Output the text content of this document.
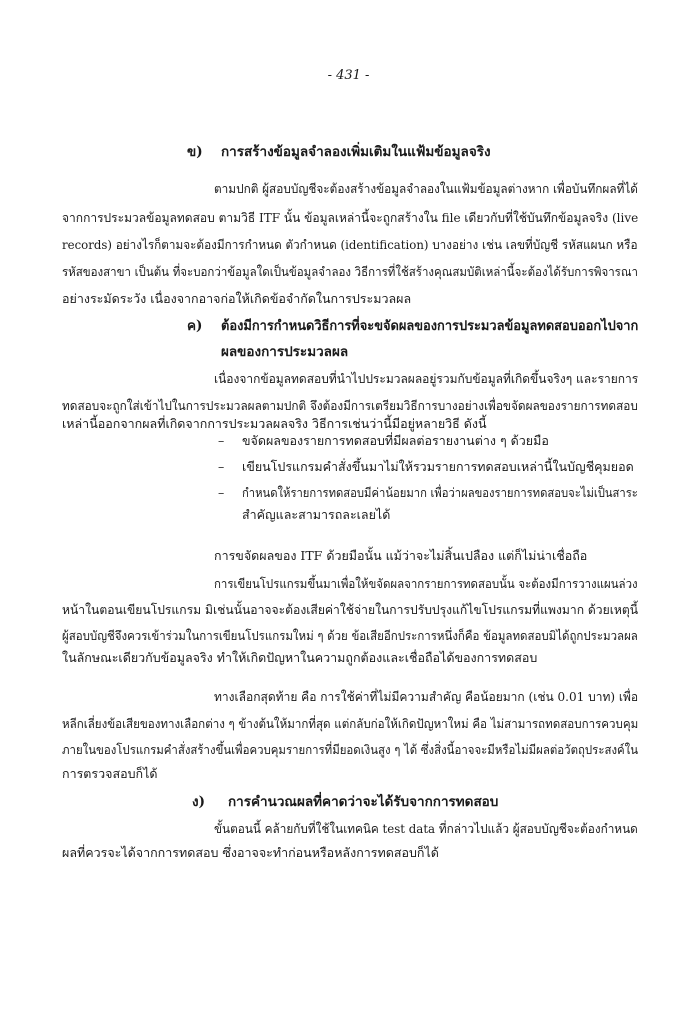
- 431 -
ข) การสร้างข้อมูลจำลองเพิ่มเติมในแฟ้มข้อมูลจริง
ตามปกติ ผู้สอบบัญชีจะต้องสร้างข้อมูลจำลองในแฟ้มข้อมูลต่างหาก เพื่อบันทึกผลที่ได้
จากการประมวลข้อมูลทดสอบ ตามวิธี ITF นั้น ข้อมูลเหล่านี้จะถูกสร้างใน file เดียวกับที่ใช้บันทึกข้อมูลจริง (live
records) อย่างไรก็ตามจะต้องมีการกำหนด ตัวกำหนด (identification) บางอย่าง เช่น เลขที่บัญชี รหัสแผนก หรือ
รหัสของสาขา เป็นต้น ที่จะบอกว่าข้อมูลใดเป็นข้อมูลจำลอง วิธีการที่ใช้สร้างคุณสมบัติเหล่านี้จะต้องได้รับการพิจารณา
อย่างระมัดระวัง เนื่องจากอาจก่อให้เกิดข้อจำกัดในการประมวลผล
ค) ต้องมีการกำหนดวิธีการที่จะขจัดผลของการประมวลข้อมูลทดสอบออกไปจาก
ผลของการประมวลผล
เนื่องจากข้อมูลทดสอบที่นำไปประมวลผลอยู่รวมกับข้อมูลที่เกิดขึ้นจริงๆ และรายการ
ทดสอบจะถูกใส่เข้าไปในการประมวลผลตามปกติ จึงต้องมีการเตรียมวิธีการบางอย่างเพื่อขจัดผลของรายการทดสอบ
เหล่านี้ออกจากผลที่เกิดจากการประมวลผลจริง วิธีการเช่นว่านี้มีอยู่หลายวิธี ดังนี้
– ขจัดผลของรายการทดสอบที่มีผลต่อรายงานต่าง ๆ ด้วยมือ
– เขียนโปรแกรมคำสั่งขึ้นมาไม่ให้รวมรายการทดสอบเหล่านี้ในบัญชีคุมยอด
– กำหนดให้รายการทดสอบมีค่าน้อยมาก เพื่อว่าผลของรายการทดสอบจะไม่เป็นสาระ
สำคัญและสามารถละเลยได้
การขจัดผลของ ITF ด้วยมือนั้น แม้ว่าจะไม่สิ้นเปลือง แต่ก็ไม่น่าเชื่อถือ
การเขียนโปรแกรมขึ้นมาเพื่อให้ขจัดผลจากรายการทดสอบนั้น จะต้องมีการวางแผนล่วง
หน้าในตอนเขียนโปรแกรม มิเช่นนั้นอาจจะต้องเสียค่าใช้จ่ายในการปรับปรุงแก้ไขโปรแกรมที่แพงมาก ด้วยเหตุนี้
ผู้สอบบัญชีจึงควรเข้าร่วมในการเขียนโปรแกรมใหม่ ๆ ด้วย ข้อเสียอีกประการหนึ่งก็คือ ข้อมูลทดสอบมิได้ถูกประมวลผล
ในลักษณะเดียวกับข้อมูลจริง ทำให้เกิดปัญหาในความถูกต้องและเชื่อถือได้ของการทดสอบ
ทางเลือกสุดท้าย คือ การใช้ค่าที่ไม่มีความสำคัญ คือน้อยมาก (เช่น 0.01 บาท) เพื่อ
หลีกเลี่ยงข้อเสียของทางเลือกต่าง ๆ ข้างต้นให้มากที่สุด แต่กลับก่อให้เกิดปัญหาใหม่ คือ ไม่สามารถทดสอบการควบคุม
ภายในของโปรแกรมคำสั่งสร้างขึ้นเพื่อควบคุมรายการที่มียอดเงินสูง ๆ ได้ ซึ่งสิ่งนี้อาจจะมีหรือไม่มีผลต่อวัตถุประสงค์ใน
การตรวจสอบก็ได้
ง) การคำนวณผลที่คาดว่าจะได้รับจากการทดสอบ
ขั้นตอนนี้ คล้ายกับที่ใช้ในเทคนิค test data ที่กล่าวไปแล้ว ผู้สอบบัญชีจะต้องกำหนด
ผลที่ควรจะได้จากการทดสอบ ซึ่งอาจจะทำก่อนหรือหลังการทดสอบก็ได้
